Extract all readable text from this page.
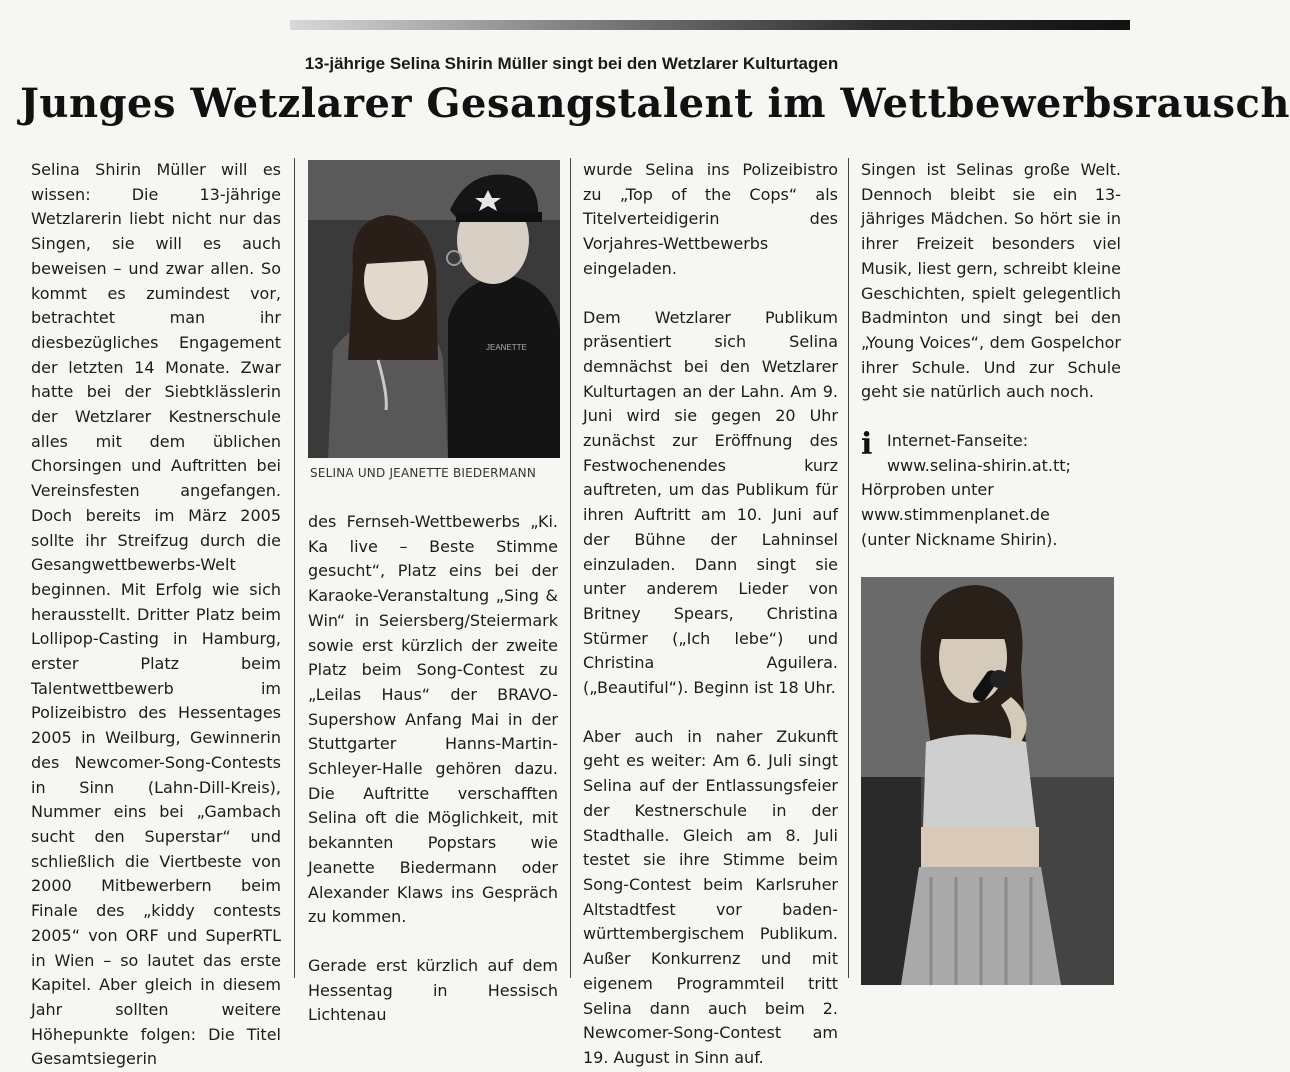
13-jährige Selina Shirin Müller singt bei den Wetzlarer Kulturtagen
Junges Wetzlarer Gesangstalent im Wettbewerbsrausch

Selina Shirin Müller will es wissen: Die 13-jährige Wetzlarerin liebt nicht nur das Singen, sie will es auch beweisen – und zwar allen. So kommt es zumindest vor, betrachtet man ihr diesbezügliches Engagement der letzten 14 Monate. Zwar hatte bei der Siebtklässlerin der Wetzlarer Kestnerschule alles mit dem üblichen Chorsingen und Auftritten bei Vereinsfesten angefangen. Doch bereits im März 2005 sollte ihr Streifzug durch die Gesangwettbewerbs-Welt beginnen. Mit Erfolg wie sich herausstellt. Dritter Platz beim Lollipop-Casting in Hamburg, erster Platz beim Talentwettbewerb im Polizeibistro des Hessentages 2005 in Weilburg, Gewinnerin des Newcomer-Song-Contests in Sinn (Lahn-Dill-Kreis), Nummer eins bei „Gambach sucht den Superstar“ und schließlich die Viertbeste von 2000 Mitbewerbern beim Finale des „kiddy contests 2005“ von ORF und SuperRTL in Wien – so lautet das erste Kapitel. Aber gleich in diesem Jahr sollten weitere Höhepunkte folgen: Die Titel Gesamtsiegerin

JEANETTE
SELINA UND JEANETTE BIEDERMANN

des Fernseh-Wettbewerbs „Ki. Ka live – Beste Stimme gesucht“, Platz eins bei der Karaoke-Veranstaltung „Sing & Win“ in Seiersberg/Steiermark sowie erst kürzlich der zweite Platz beim Song-Contest zu „Leilas Haus“ der BRAVO-Supershow Anfang Mai in der Stuttgarter Hanns-Martin-Schleyer-Halle gehören dazu. Die Auftritte verschafften Selina oft die Möglichkeit, mit bekannten Popstars wie Jeanette Biedermann oder Alexander Klaws ins Gespräch zu kommen.

Gerade erst kürzlich auf dem Hessentag in Hessisch Lichtenau

wurde Selina ins Polizeibistro zu „Top of the Cops“ als Titelverteidigerin des Vorjahres-Wettbewerbs eingeladen.

Dem Wetzlarer Publikum präsentiert sich Selina demnächst bei den Wetzlarer Kulturtagen an der Lahn. Am 9. Juni wird sie gegen 20 Uhr zunächst zur Eröffnung des Festwochenendes kurz auftreten, um das Publikum für ihren Auftritt am 10. Juni auf der Bühne der Lahninsel einzuladen. Dann singt sie unter anderem Lieder von Britney Spears, Christina Stürmer („Ich lebe“) und Christina Aguilera. („Beautiful“). Beginn ist 18 Uhr.

Aber auch in naher Zukunft geht es weiter: Am 6. Juli singt Selina auf der Entlassungsfeier der Kestnerschule in der Stadthalle. Gleich am 8. Juli testet sie ihre Stimme beim Song-Contest beim Karlsruher Altstadtfest vor baden-württembergischem Publikum. Außer Konkurrenz und mit eigenem Programmteil tritt Selina dann auch beim 2. Newcomer-Song-Contest am 19. August in Sinn auf.

Singen ist Selinas große Welt. Dennoch bleibt sie ein 13-jähriges Mädchen. So hört sie in ihrer Freizeit besonders viel Musik, liest gern, schreibt kleine Geschichten, spielt gelegentlich Badminton und singt bei den „Young Voices“, dem Gospelchor ihrer Schule. Und zur Schule geht sie natürlich auch noch.

i Internet-Fanseite:
www.selina-shirin.at.tt;
Hörproben unter
www.stimmenplanet.de
(unter Nickname Shirin).
